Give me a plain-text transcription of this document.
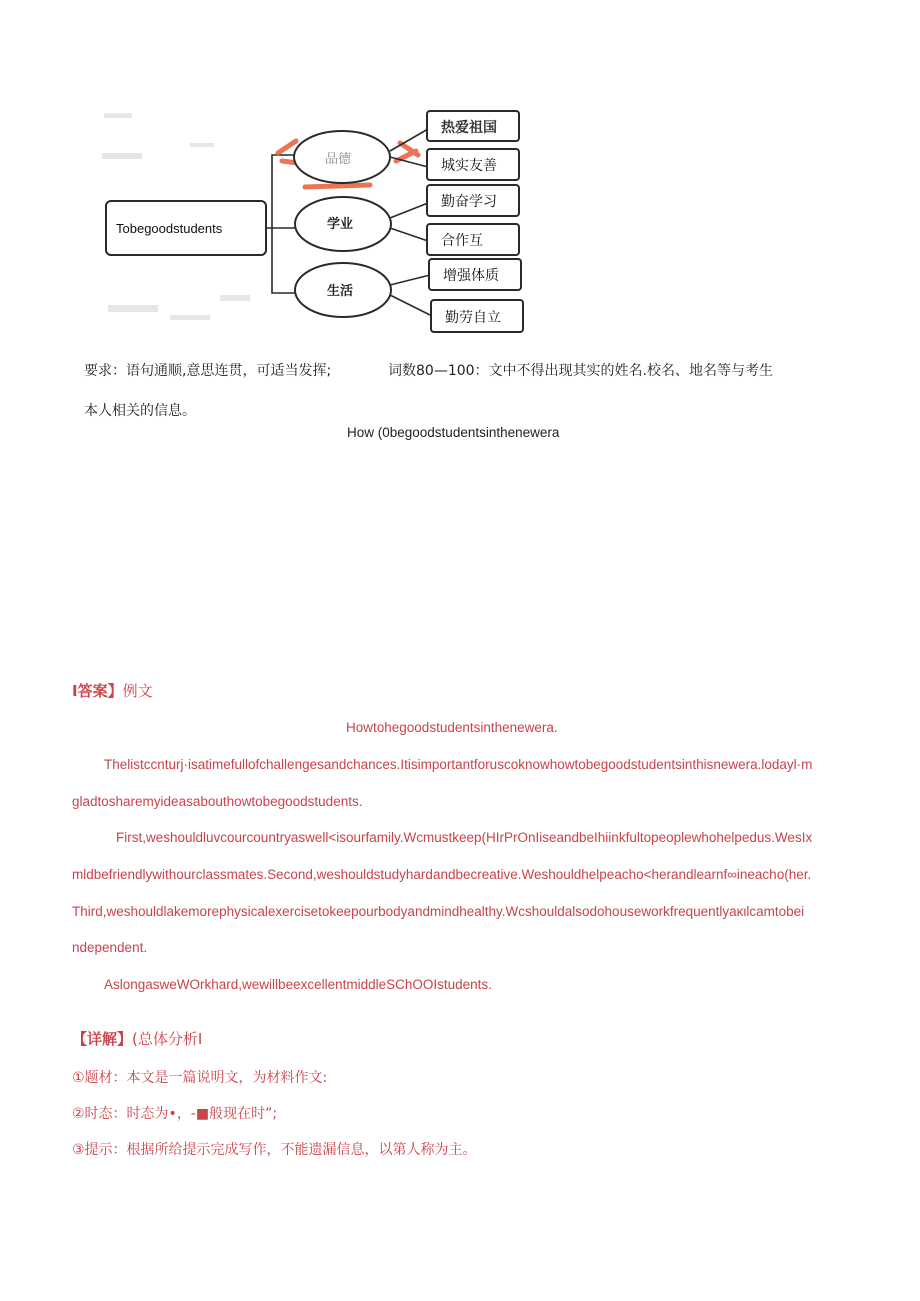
Tobegoodstudents
品德
学业
生活
热爱祖国
城实友善
勤奋学习
合作互
增强体质
勤劳自立
要求：语句通顺,意思连贯，可适当发挥;	词数80—100：文中不得出现其实的姓名.校名、地名等与考生
本人相关的信息。
How (0begoodstudentsinthenewera
I答案】例文
Howtohegoodstudentsinthenewera.
Thelistccnturj·isatimefullofchallengesandchances.Itisimportantforuscoknowhowtobegoodstudentsinthisnewera.lodayl·m
gladtosharemyideasabouthowtobegoodstudents.
First,weshouldluvcourcountryaswell<isourfamily.Wcmustkeep(HIrPrOnIiseandbeIhiinkfultopeoplewhohelpedus.WesIx
mldbefriendlywithourclassmates.Second,weshouldstudyhardandbecreative.Weshouldhelpeacho<herandlearnf∞ineacho(her.
Third,weshouldlakemorephysicalexercisetokeepourbodyandmindhealthy.Wcshouldalsodohouseworkfrequentlyaκιlcamtobei
ndependent.
AslongasweWOrkhard,wewillbeexcellentmiddleSChOOIstudents.
【详解】(总体分析I
①题材：本文是一篇说明文，为材料作文:
②时态：时态为•，-■般现在时”;
③提示：根据所给提示完成写作，不能遗漏信息，以第人称为主。
